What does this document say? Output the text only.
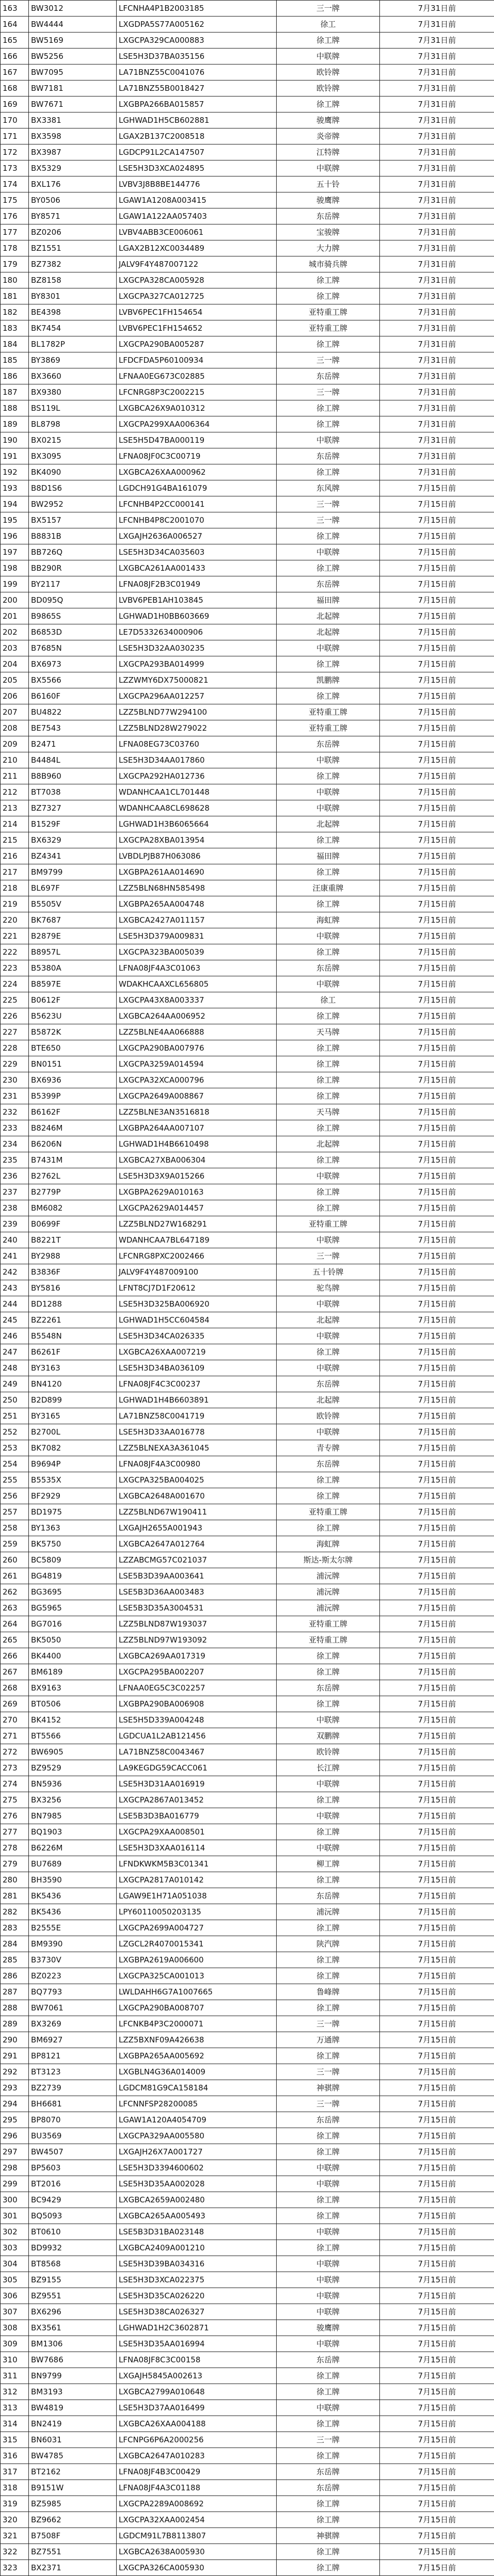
163	BW3012	LFCNHA4P1B2003185	三一牌	7月31日前
164	BW4444	LXGDPA5S77A005162	徐工	7月31日前
165	BW5169	LXGCPA329CA000883	徐工牌	7月31日前
166	BW5256	LSE5H3D37BA035156	中联牌	7月31日前
167	BW7095	LA71BNZ55C0041076	欧铃牌	7月31日前
168	BW7181	LA71BNZ55B0018427	欧铃牌	7月31日前
169	BW7671	LXGBPA266BA015857	徐工牌	7月31日前
170	BX3381	LGHWAD1H5CB602881	骏鹰牌	7月31日前
171	BX3598	LGAX2B137C2008518	炎帝牌	7月31日前
172	BX3987	LGDCP91L2CA147507	江特牌	7月31日前
173	BX5329	LSE5H3D3XCA024895	中联牌	7月31日前
174	BXL176	LVBV3J8B8BE144776	五十铃	7月31日前
175	BY0506	LGAW1A1208A003415	骏鹰牌	7月31日前
176	BY8571	LGAW1A122AA057403	东岳牌	7月31日前
177	BZ0206	LVBV4ABB3CE006061	宝骏牌	7月31日前
178	BZ1551	LGAX2B12XC0034489	大力牌	7月31日前
179	BZ7382	JALV9F4Y487007122	城市骑兵牌	7月31日前
180	BZ8158	LXGCPA328CA005928	徐工牌	7月31日前
181	BY8301	LXGCPA327CA012725	徐工牌	7月31日前
182	BE4398	LVBV6PEC1FH154654	亚特重工牌	7月31日前
183	BK7454	LVBV6PEC1FH154652	亚特重工牌	7月31日前
184	BL1782P	LXGCPA290BA005287	徐工牌	7月31日前
185	BY3869	LFDCFDA5P60100934	三一牌	7月31日前
186	BX3660	LFNAA0EG673C02885	东岳牌	7月31日前
187	BX9380	LFCNRG8P3C2002215	三一牌	7月31日前
188	BS119L	LXGBCA26X9A010312	徐工牌	7月31日前
189	BL8798	LXGCPA299XAA006364	徐工牌	7月31日前
190	BX0215	LSE5H5D47BA000119	中联牌	7月31日前
191	BX3095	LFNA08JF0C3C00719	东岳牌	7月31日前
192	BK4090	LXGBCA26XAA000962	徐工牌	7月31日前
193	B8D1S6	LGDCH91G4BA161079	东风牌	7月15日前
194	BW2952	LFCNHB4P2CC000141	三一牌	7月15日前
195	BX5157	LFCNHB4P8C2001070	三一牌	7月15日前
196	B8831B	LXGAJH2636A006527	徐工牌	7月15日前
197	BB726Q	LSE5H3D34CA035603	中联牌	7月15日前
198	BB290R	LXGBCA261AA001433	徐工牌	7月15日前
199	BY2117	LFNA08JF2B3C01949	东岳牌	7月15日前
200	BD095Q	LVBV6PEB1AH103845	福田牌	7月15日前
201	B9865S	LGHWAD1H0BB603669	北起牌	7月15日前
202	B6853D	LE7D5332634000906	北起牌	7月15日前
203	B7685N	LSE5H3D32AA030235	中联牌	7月15日前
204	BX6973	LXGCPA293BA014999	徐工牌	7月15日前
205	BX5566	LZZWMY6DX75000821	凯鹏牌	7月15日前
206	B6160F	LXGCPA296AA012257	徐工牌	7月15日前
207	BU4822	LZZ5BLND77W294100	亚特重工牌	7月15日前
208	BE7543	LZZ5BLND28W279022	亚特重工牌	7月15日前
209	B2471	LFNA08EG73C03760	东岳牌	7月15日前
210	B4484L	LSE5H3D34AA017860	中联牌	7月15日前
211	B8B960	LXGCPA292HA012736	徐工牌	7月15日前
212	BT7038	WDANHCAA1CL701448	中联牌	7月15日前
213	BZ7327	WDANHCAA8CL698628	中联牌	7月15日前
214	B1529F	LGHWAD1H3B6065664	北起牌	7月15日前
215	BX6329	LXGCPA28XBA013954	徐工牌	7月15日前
216	BZ4341	LVBDLPJB87H063086	福田牌	7月15日前
217	BM9799	LXGBPA261AA014690	徐工牌	7月15日前
218	BL697F	LZZ5BLN68HN585498	汪康重牌	7月15日前
219	B5505V	LXGBPA265AA004748	徐工牌	7月15日前
220	BK7687	LXGBCA2427A011157	海虹牌	7月15日前
221	B2879E	LSE5H3D379A009831	中联牌	7月15日前
222	B8957L	LXGCPA323BA005039	徐工牌	7月15日前
223	B5380A	LFNA08JF4A3C01063	东岳牌	7月15日前
224	B8597E	WDAKHCAAXCL656805	中联牌	7月15日前
225	B0612F	LXGCPA43X8A003337	徐工	7月15日前
226	B5623U	LXGBCA264AA006952	徐工牌	7月15日前
227	B5872K	LZZ5BLNE4AA066888	天马牌	7月15日前
228	BTE650	LXGCPA290BA007976	徐工牌	7月15日前
229	BN0151	LXGCPA3259A014594	徐工牌	7月15日前
230	BX6936	LXGCPA32XCA000796	徐工牌	7月15日前
231	B5399P	LXGCPA2649A008867	徐工牌	7月15日前
232	B6162F	LZZ5BLNE3AN3516818	天马牌	7月15日前
233	B8246M	LXGBPA264AA007107	徐工牌	7月15日前
234	B6206N	LGHWAD1H4B6610498	北起牌	7月15日前
235	B7431M	LXGBCA27XBA006304	徐工牌	7月15日前
236	B2762L	LSE5H3D3X9A015266	中联牌	7月15日前
237	B2779P	LXGBPA2629A010163	徐工牌	7月15日前
238	BM6082	LXGCPA2629A014457	徐工牌	7月15日前
239	B0699F	LZZ5BLND27W168291	亚特重工牌	7月15日前
240	B8221T	WDANHCAA7BL647189	中联牌	7月15日前
241	BY2988	LFCNRG8PXC2002466	三一牌	7月15日前
242	B3836F	JALV9F4Y487009100	五十铃牌	7月15日前
243	BY5816	LFNT8CJ7D1F20612	驼鸟牌	7月15日前
244	BD1288	LSE5H3D325BA006920	中联牌	7月15日前
245	BZ2261	LGHWAD1H5CC604584	北起牌	7月15日前
246	B5548N	LSE5H3D34CA026335	中联牌	7月15日前
247	B6261F	LXGBCA26XAA007219	徐工牌	7月15日前
248	BY3163	LSE5H3D34BA036109	中联牌	7月15日前
249	BN4120	LFNA08JF4C3C00237	东岳牌	7月15日前
250	B2D899	LGHWAD1H4B6603891	北起牌	7月15日前
251	BY3165	LA71BNZ58C0041719	欧铃牌	7月15日前
252	B2700L	LSE5H3D33AA016778	中联牌	7月15日前
253	BK7082	LZZ5BLNEXA3A361045	青专牌	7月15日前
254	B9694P	LFNA08JF4A3C00980	东岳牌	7月15日前
255	B5535X	LXGCPA325BA004025	徐工牌	7月15日前
256	BF2929	LXGBCA2648A001670	徐工牌	7月15日前
257	BD1975	LZZ5BLND67W190411	亚特重工牌	7月15日前
258	BY1363	LXGAJH2655A001943	徐工牌	7月15日前
259	BK5750	LXGBCA2647A012764	海虹牌	7月15日前
260	BC5809	LZZABCMG57C021037	斯达-斯太尔牌	7月15日前
261	BG4819	LSE5B3D39AA003641	浦沅牌	7月15日前
262	BG3695	LSE5B3D36AA003483	浦沅牌	7月15日前
263	BG5965	LSE5B3D35A3004531	浦沅牌	7月15日前
264	BG7016	LZZ5BLND87W193037	亚特重工牌	7月15日前
265	BK5050	LZZ5BLND97W193092	亚特重工牌	7月15日前
266	BK4400	LXGBCA269AA017319	徐工牌	7月15日前
267	BM6189	LXGCPA295BA002207	徐工牌	7月15日前
268	BX9163	LFNAA0EG5C3C02257	东岳牌	7月15日前
269	BT0506	LXGBPA290BA006908	徐工牌	7月15日前
270	BK4152	LSE5H5D339A004248	中联牌	7月15日前
271	BT5566	LGDCUA1L2AB121456	双鹏牌	7月15日前
272	BW6905	LA71BNZ58C0043467	欧铃牌	7月15日前
273	BZ9529	LA9KEGDG59CACC061	长江牌	7月15日前
274	BN5936	LSE5H3D31AA016919	中联牌	7月15日前
275	BX3256	LXGCPA2867A013452	徐工牌	7月15日前
276	BN7985	LSE5B3D3BA016779	中联牌	7月15日前
277	BQ1903	LXGCPA29XAA008501	徐工牌	7月15日前
278	B6226M	LSE5H3D3XAA016114	中联牌	7月15日前
279	BU7689	LFNDKWKM5B3C01341	柳工牌	7月15日前
280	BH3590	LXGCPA2817A010142	徐工牌	7月15日前
281	BK5436	LGAW9E1H71A051038	东岳牌	7月15日前
282	BK5436	LPY60110050203135	浦沅牌	7月15日前
283	B2555E	LXGCPA2699A004727	徐工牌	7月15日前
284	BM9390	LZGCL2R4070015341	陕汽牌	7月15日前
285	B3730V	LXGBPA2619A006600	徐工牌	7月15日前
286	BZ0223	LXGCPA325CA001013	徐工牌	7月15日前
287	BQ7793	LWLDAHH6G7A1007665	鲁峰牌	7月15日前
288	BW7061	LXGCPA290BA008707	徐工牌	7月15日前
289	BX3269	LFCNKB4P3C2000071	三一牌	7月15日前
290	BM6927	LZZ5BXNF09A426638	万通牌	7月15日前
291	BP8121	LXGBPA265AA005692	徐工牌	7月15日前
292	BT3123	LXGBLN4G36A014009	三一牌	7月15日前
293	BZ2739	LGDCM81G9CA158184	神骐牌	7月15日前
294	BH6681	LFCNNFSP28200085	三一牌	7月15日前
295	BP8070	LGAW1A120A4054709	东岳牌	7月15日前
296	BU3569	LXGCPA329AA005580	徐工牌	7月15日前
297	BW4507	LXGAJH26X7A001727	徐工牌	7月15日前
298	BP5603	LSE5H3D3394600602	中联牌	7月15日前
299	BT2016	LSE5H3D35AA002028	中联牌	7月15日前
300	BC9429	LXGBCA2659A002480	徐工牌	7月15日前
301	BQ5093	LXGBCA265AA005493	徐工牌	7月15日前
302	BT0610	LSE5B3D31BA023148	中联牌	7月15日前
303	BD9932	LXGBCA2409A001210	徐工牌	7月15日前
304	BT8568	LSE5H3D39BA034316	中联牌	7月15日前
305	BZ9155	LSE5H3D3XCA022375	中联牌	7月15日前
306	BZ9551	LSE5H3D35CA026220	中联牌	7月15日前
307	BX6296	LSE5H3D38CA026327	中联牌	7月15日前
308	BX3561	LGHWAD1H2C3602871	骏鹰牌	7月15日前
309	BM1306	LSE5H3D35AA016994	中联牌	7月15日前
310	BW7686	LFNA08JF8C3C00158	东岳牌	7月15日前
311	BN9799	LXGAJH5845A002613	徐工牌	7月15日前
312	BM3193	LXGBCA2799A010648	徐工牌	7月15日前
313	BW4819	LSE5H3D37AA016499	中联牌	7月15日前
314	BN2419	LXGBCA26XAA004188	徐工牌	7月15日前
315	BN6031	LFCNPG6P6A2000256	三一牌	7月15日前
316	BW4785	LXGBCA2647A010283	徐工牌	7月15日前
317	BT2162	LFNA08JF4B3C00429	东岳牌	7月15日前
318	B9151W	LFNA08JF4A3C01188	东岳牌	7月15日前
319	BZ5985	LXGCPA2289A008692	徐工牌	7月15日前
320	BZ9662	LXGCPA32XAA002454	徐工牌	7月15日前
321	B7508F	LGDCM91L7B8113807	神骐牌	7月15日前
322	BZ7551	LXGBCA2638A005930	徐工牌	7月15日前
323	BX2371	LXGCPA326CA005930	徐工牌	7月15日前
